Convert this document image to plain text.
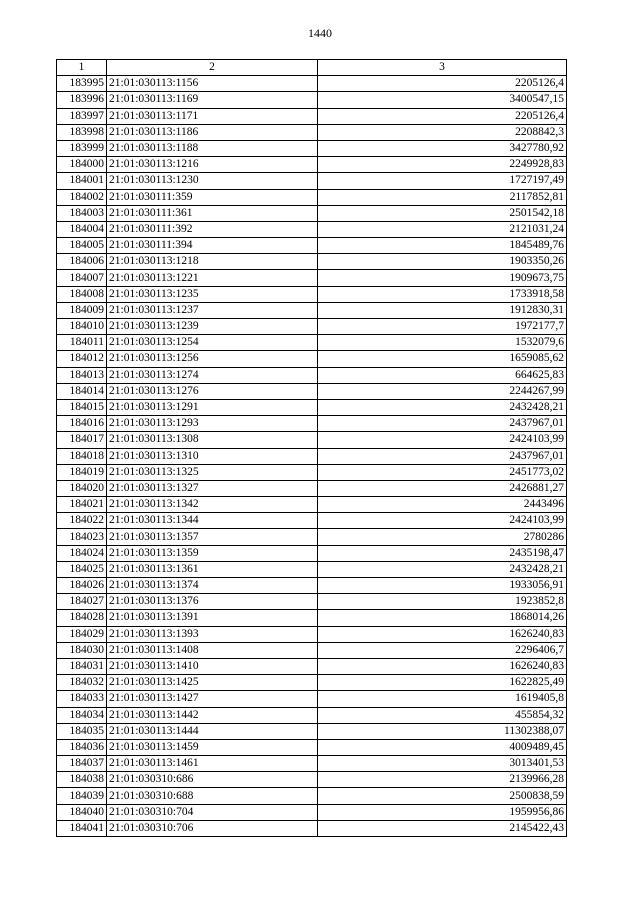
1440
1	2	3
183995	21:01:030113:1156	2205126,4
183996	21:01:030113:1169	3400547,15
183997	21:01:030113:1171	2205126,4
183998	21:01:030113:1186	2208842,3
183999	21:01:030113:1188	3427780,92
184000	21:01:030113:1216	2249928,83
184001	21:01:030113:1230	1727197,49
184002	21:01:030111:359	2117852,81
184003	21:01:030111:361	2501542,18
184004	21:01:030111:392	2121031,24
184005	21:01:030111:394	1845489,76
184006	21:01:030113:1218	1903350,26
184007	21:01:030113:1221	1909673,75
184008	21:01:030113:1235	1733918,58
184009	21:01:030113:1237	1912830,31
184010	21:01:030113:1239	1972177,7
184011	21:01:030113:1254	1532079,6
184012	21:01:030113:1256	1659085,62
184013	21:01:030113:1274	664625,83
184014	21:01:030113:1276	2244267,99
184015	21:01:030113:1291	2432428,21
184016	21:01:030113:1293	2437967,01
184017	21:01:030113:1308	2424103,99
184018	21:01:030113:1310	2437967,01
184019	21:01:030113:1325	2451773,02
184020	21:01:030113:1327	2426881,27
184021	21:01:030113:1342	2443496
184022	21:01:030113:1344	2424103,99
184023	21:01:030113:1357	2780286
184024	21:01:030113:1359	2435198,47
184025	21:01:030113:1361	2432428,21
184026	21:01:030113:1374	1933056,91
184027	21:01:030113:1376	1923852,8
184028	21:01:030113:1391	1868014,26
184029	21:01:030113:1393	1626240,83
184030	21:01:030113:1408	2296406,7
184031	21:01:030113:1410	1626240,83
184032	21:01:030113:1425	1622825,49
184033	21:01:030113:1427	1619405,8
184034	21:01:030113:1442	455854,32
184035	21:01:030113:1444	11302388,07
184036	21:01:030113:1459	4009489,45
184037	21:01:030113:1461	3013401,53
184038	21:01:030310:686	2139966,28
184039	21:01:030310:688	2500838,59
184040	21:01:030310:704	1959956,86
184041	21:01:030310:706	2145422,43
